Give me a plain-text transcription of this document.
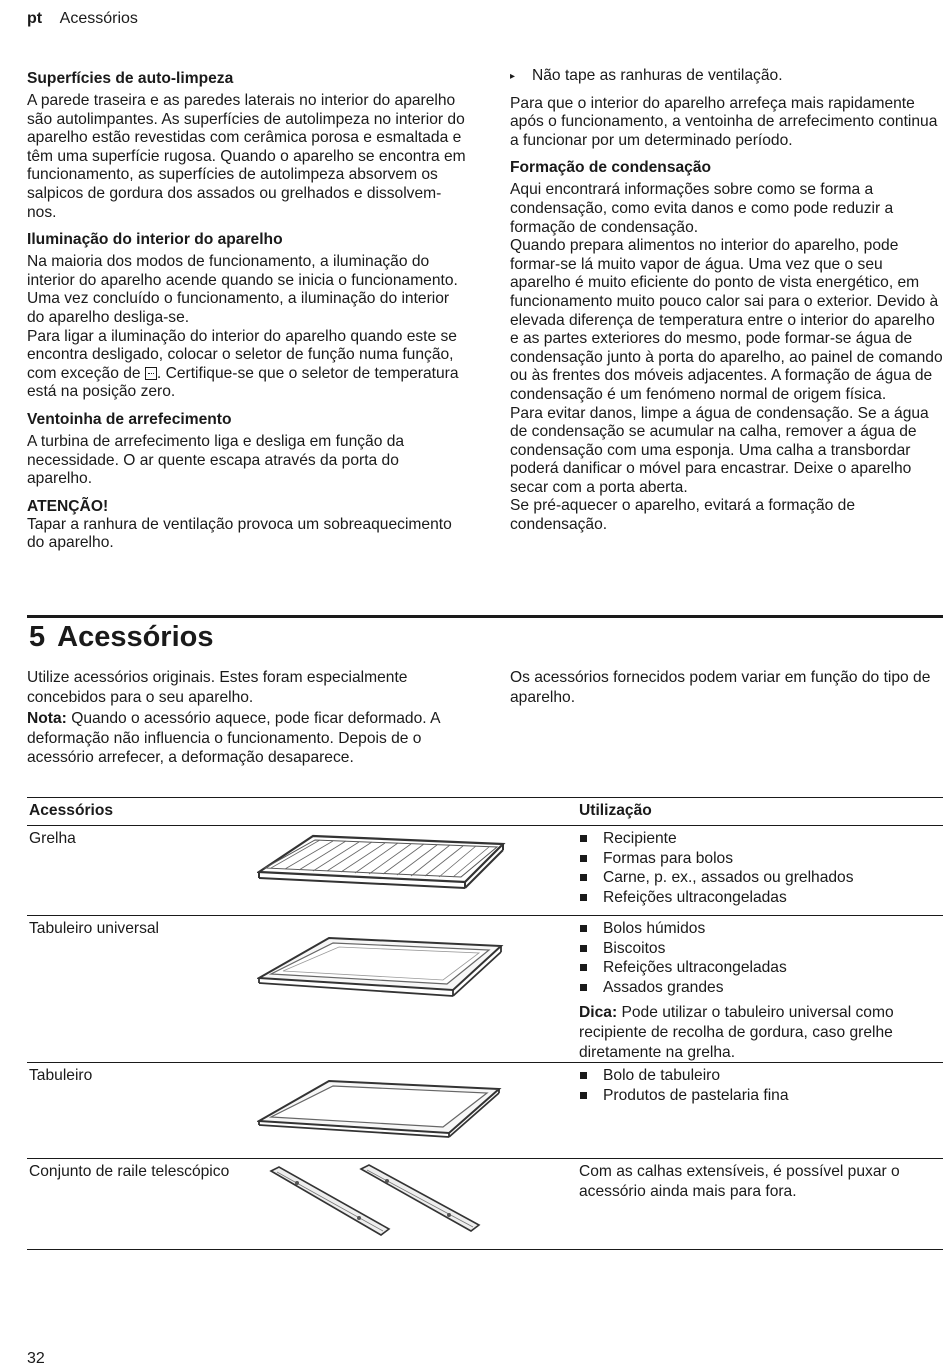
pt Acessórios
Superfícies de auto-limpeza

A parede traseira e as paredes laterais no interior do aparelho são autolimpantes. As superfícies de autolimpeza no interior do aparelho estão revestidas com cerâmica porosa e esmaltada e têm uma superfície rugosa. Quando o aparelho se encontra em funcionamento, as superfícies de autolimpeza absorvem os salpicos de gordura dos assados ou grelhados e dissolvem-nos.

Iluminação do interior do aparelho

Na maioria dos modos de funcionamento, a iluminação do interior do aparelho acende quando se inicia o funcionamento. Uma vez concluído o funcionamento, a iluminação do interior do aparelho desliga-se.

Para ligar a iluminação do interior do aparelho quando este se encontra desligado, colocar o seletor de função numa função, com exceção de . Certifique-se que o seletor de temperatura está na posição zero.

Ventoinha de arrefecimento

A turbina de arrefecimento liga e desliga em função da necessidade. O ar quente escapa através da porta do aparelho.

ATENÇÃO!

Tapar a ranhura de ventilação provoca um sobreaquecimento do aparelho.

▸ Não tape as ranhuras de ventilação.

Para que o interior do aparelho arrefeça mais rapidamente após o funcionamento, a ventoinha de arrefecimento continua a funcionar por um determinado período.

Formação de condensação

Aqui encontrará informações sobre como se forma a condensação, como evita danos e como pode reduzir a formação de condensação.

Quando prepara alimentos no interior do aparelho, pode formar-se lá muito vapor de água. Uma vez que o seu aparelho é muito eficiente do ponto de vista energético, em funcionamento muito pouco calor sai para o exterior. Devido à elevada diferença de temperatura entre o interior do aparelho e as partes exteriores do mesmo, pode formar-se água de condensação junto à porta do aparelho, ao painel de comando ou às frentes dos móveis adjacentes. A formação de água de condensação é um fenómeno normal de origem física.

Para evitar danos, limpe a água de condensação. Se a água de condensação se acumular na calha, remover a água de condensação com uma esponja. Uma calha a transbordar poderá danificar o móvel para encastrar. Deixe o aparelho secar com a porta aberta.

Se pré-aquecer o aparelho, evitará a formação de condensação.

5 Acessórios

Utilize acessórios originais. Estes foram especialmente concebidos para o seu aparelho.

Nota: Quando o acessório aquece, pode ficar deformado. A deformação não influencia o funcionamento. Depois de o acessório arrefecer, a deformação desaparece.

Os acessórios fornecidos podem variar em função do tipo de aparelho.
Acessórios	Utilização
Grelha	Recipiente
Formas para bolos
Carne, p. ex., assados ou grelhados
Refeições ultracongeladas
Tabuleiro universal	Bolos húmidos
Biscoitos
Refeições ultracongeladas
Assados grandes

Dica: Pode utilizar o tabuleiro universal como recipiente de recolha de gordura, caso grelhe diretamente na grelha.

Tabuleiro	Bolo de tabuleiro
Produtos de pastelaria fina
Conjunto de raile telescópico	Com as calhas extensíveis, é possível puxar o acessório ainda mais para fora.
32
